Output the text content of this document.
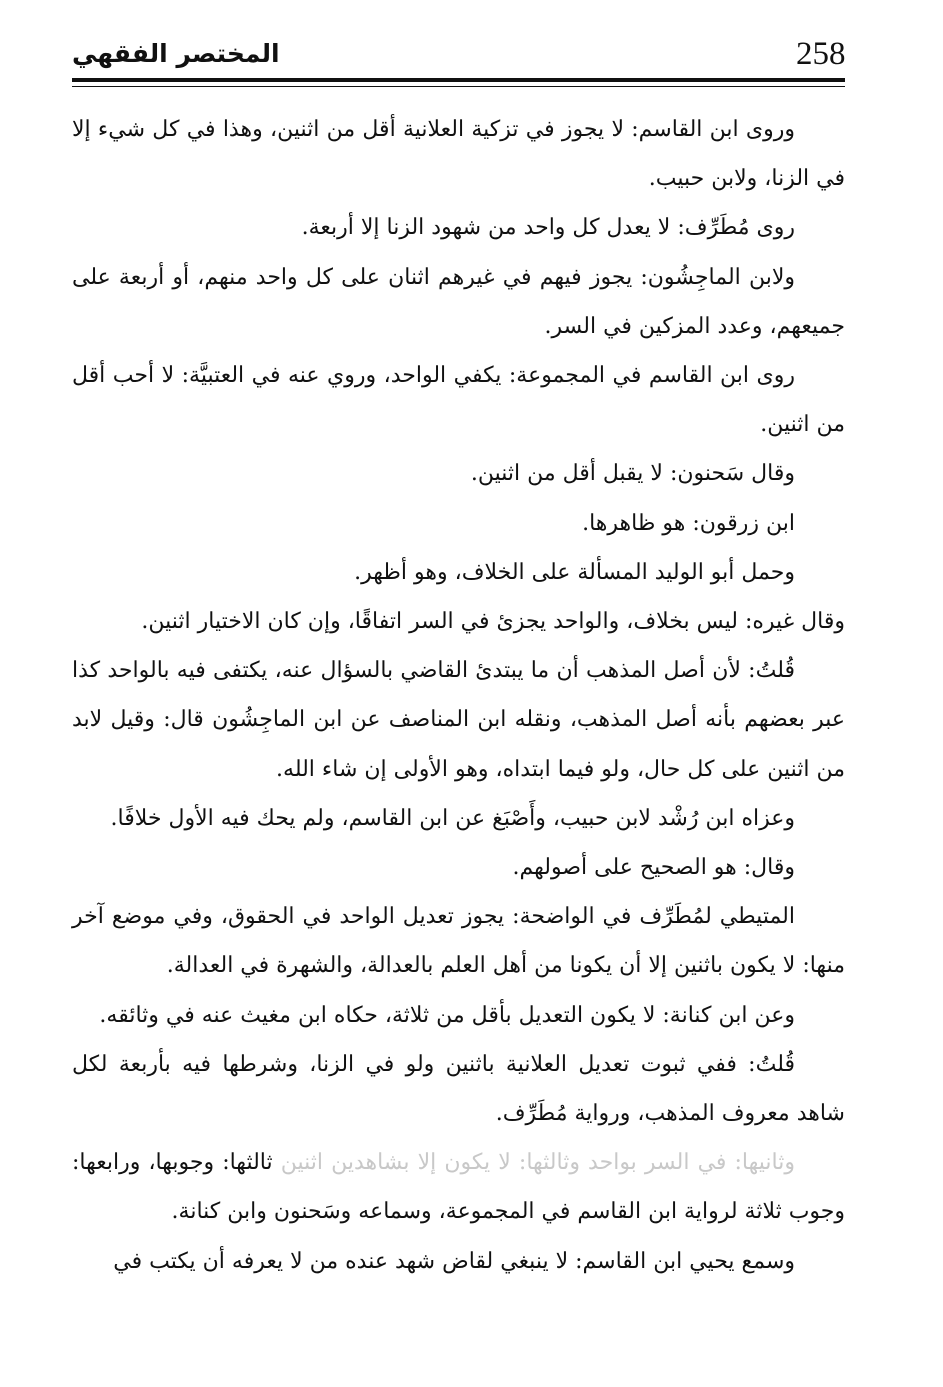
258
المختصر الفقهي

وروى ابن القاسم: لا يجوز في تزكية العلانية أقل من اثنين، وهذا في كل شيء إلا في الزنا، ولابن حبيب.

روى مُطَرِّف: لا يعدل كل واحد من شهود الزنا إلا أربعة.

ولابن الماجِشُون: يجوز فيهم في غيرهم اثنان على كل واحد منهم، أو أربعة على جميعهم، وعدد المزكين في السر.

روى ابن القاسم في المجموعة: يكفي الواحد، وروي عنه في العتبيَّة: لا أحب أقل من اثنين.

وقال سَحنون: لا يقبل أقل من اثنين.

ابن زرقون: هو ظاهرها.

وحمل أبو الوليد المسألة على الخلاف، وهو أظهر.

وقال غيره: ليس بخلاف، والواحد يجزئ في السر اتفاقًا، وإن كان الاختيار اثنين.

قُلتُ: لأن أصل المذهب أن ما يبتدئ القاضي بالسؤال عنه، يكتفى فيه بالواحد كذا عبر بعضهم بأنه أصل المذهب، ونقله ابن المناصف عن ابن الماجِشُون قال: وقيل لابد من اثنين على كل حال، ولو فيما ابتداه، وهو الأولى إن شاء الله.

وعزاه ابن رُشْد لابن حبيب، وأَصْبَغ عن ابن القاسم، ولم يحك فيه الأول خلافًا.

وقال: هو الصحيح على أصولهم.

المتيطي لمُطَرِّف في الواضحة: يجوز تعديل الواحد في الحقوق، وفي موضع آخر منها: لا يكون باثنين إلا أن يكونا من أهل العلم بالعدالة، والشهرة في العدالة.

وعن ابن كنانة: لا يكون التعديل بأقل من ثلاثة، حكاه ابن مغيث عنه في وثائقه.

قُلتُ: ففي ثبوت تعديل العلانية باثنين ولو في الزنا، وشرطها فيه بأربعة لكل شاهد معروف المذهب، ورواية مُطَرِّف.

وثانيها: في السر بواحد وثالثها: لا يكون إلا بشاهدين اثنين ثالثها: وجوبها، ورابعها: وجوب ثلاثة لرواية ابن القاسم في المجموعة، وسماعه وسَحنون وابن كنانة.

وسمع يحيي ابن القاسم: لا ينبغي لقاض شهد عنده من لا يعرفه أن يكتب في
